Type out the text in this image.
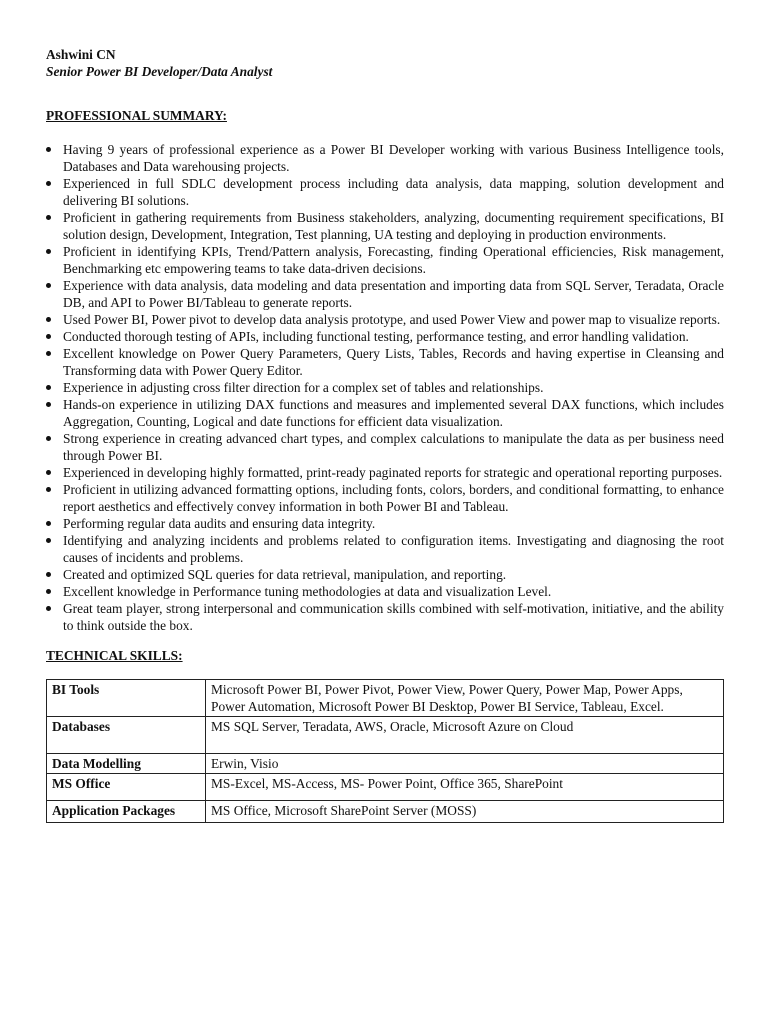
Ashwini CN

Senior Power BI Developer/Data Analyst

PROFESSIONAL SUMMARY:

Having 9 years of professional experience as a Power BI Developer working with various Business Intelligence tools, Databases and Data warehousing projects.
Experienced in full SDLC development process including data analysis, data mapping, solution development and delivering BI solutions.
Proficient in gathering requirements from Business stakeholders, analyzing, documenting requirement specifications, BI solution design, Development, Integration, Test planning, UA testing and deploying in production environments.
Proficient in identifying KPIs, Trend/Pattern analysis, Forecasting, finding Operational efficiencies, Risk management, Benchmarking etc empowering teams to take data-driven decisions.
Experience with data analysis, data modeling and data presentation and importing data from SQL Server, Teradata, Oracle DB, and API to Power BI/Tableau to generate reports.
Used Power BI, Power pivot to develop data analysis prototype, and used Power View and power map to visualize reports.
Conducted thorough testing of APIs, including functional testing, performance testing, and error handling validation.
Excellent knowledge on Power Query Parameters, Query Lists, Tables, Records and having expertise in Cleansing and Transforming data with Power Query Editor.
Experience in adjusting cross filter direction for a complex set of tables and relationships.
Hands-on experience in utilizing DAX functions and measures and implemented several DAX functions, which includes Aggregation, Counting, Logical and date functions for efficient data visualization.
Strong experience in creating advanced chart types, and complex calculations to manipulate the data as per business need through Power BI.
Experienced in developing highly formatted, print-ready paginated reports for strategic and operational reporting purposes.
Proficient in utilizing advanced formatting options, including fonts, colors, borders, and conditional formatting, to enhance report aesthetics and effectively convey information in both Power BI and Tableau.
Performing regular data audits and ensuring data integrity.
Identifying and analyzing incidents and problems related to configuration items. Investigating and diagnosing the root causes of incidents and problems.
Created and optimized SQL queries for data retrieval, manipulation, and reporting.
Excellent knowledge in Performance tuning methodologies at data and visualization Level.
Great team player, strong interpersonal and communication skills combined with self-motivation, initiative, and the ability to think outside the box.

TECHNICAL SKILLS:

BI Tools	Microsoft Power BI, Power Pivot, Power View, Power Query, Power Map, Power Apps, Power Automation, Microsoft Power BI Desktop, Power BI Service, Tableau, Excel.
Databases	MS SQL Server, Teradata, AWS, Oracle, Microsoft Azure on Cloud
Data Modelling	Erwin, Visio
MS Office	MS-Excel, MS-Access, MS- Power Point, Office 365, SharePoint
Application Packages	MS Office, Microsoft SharePoint Server (MOSS)
